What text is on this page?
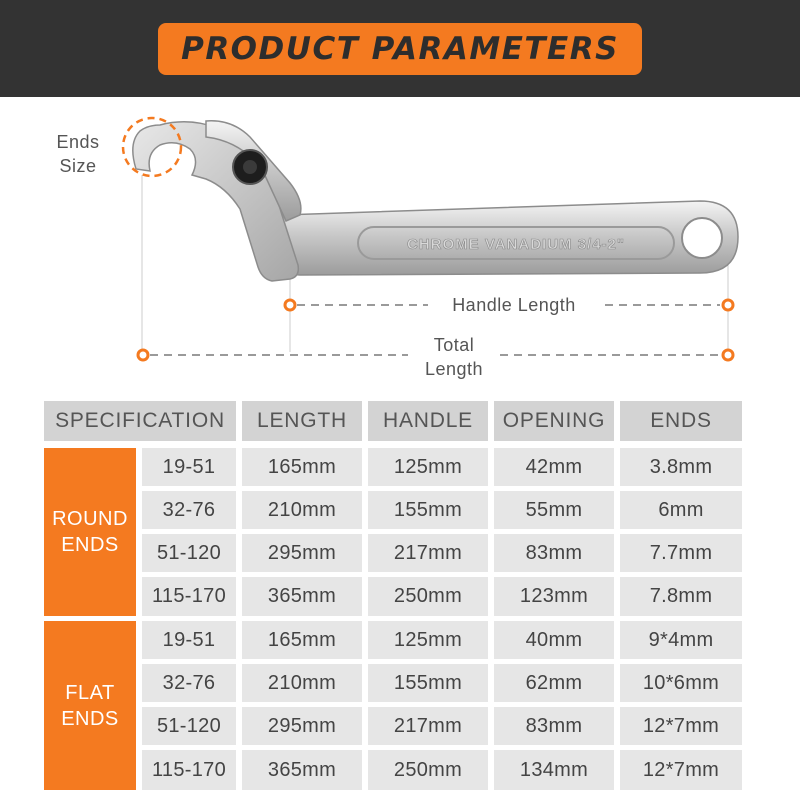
PRODUCT PARAMETERS
CHROME VANADIUM 3/4-2"
Ends
Size
Handle Length
Total
Length
SPECIFICATION	LENGTH	HANDLE	OPENING	ENDS
ROUND
ENDS
19-51	165mm	125mm	42mm	3.8mm
32-76	210mm	155mm	55mm	6mm
51-120	295mm	217mm	83mm	7.7mm
115-170	365mm	250mm	123mm	7.8mm
FLAT
ENDS
19-51	165mm	125mm	40mm	9*4mm
32-76	210mm	155mm	62mm	10*6mm
51-120	295mm	217mm	83mm	12*7mm
115-170	365mm	250mm	134mm	12*7mm
